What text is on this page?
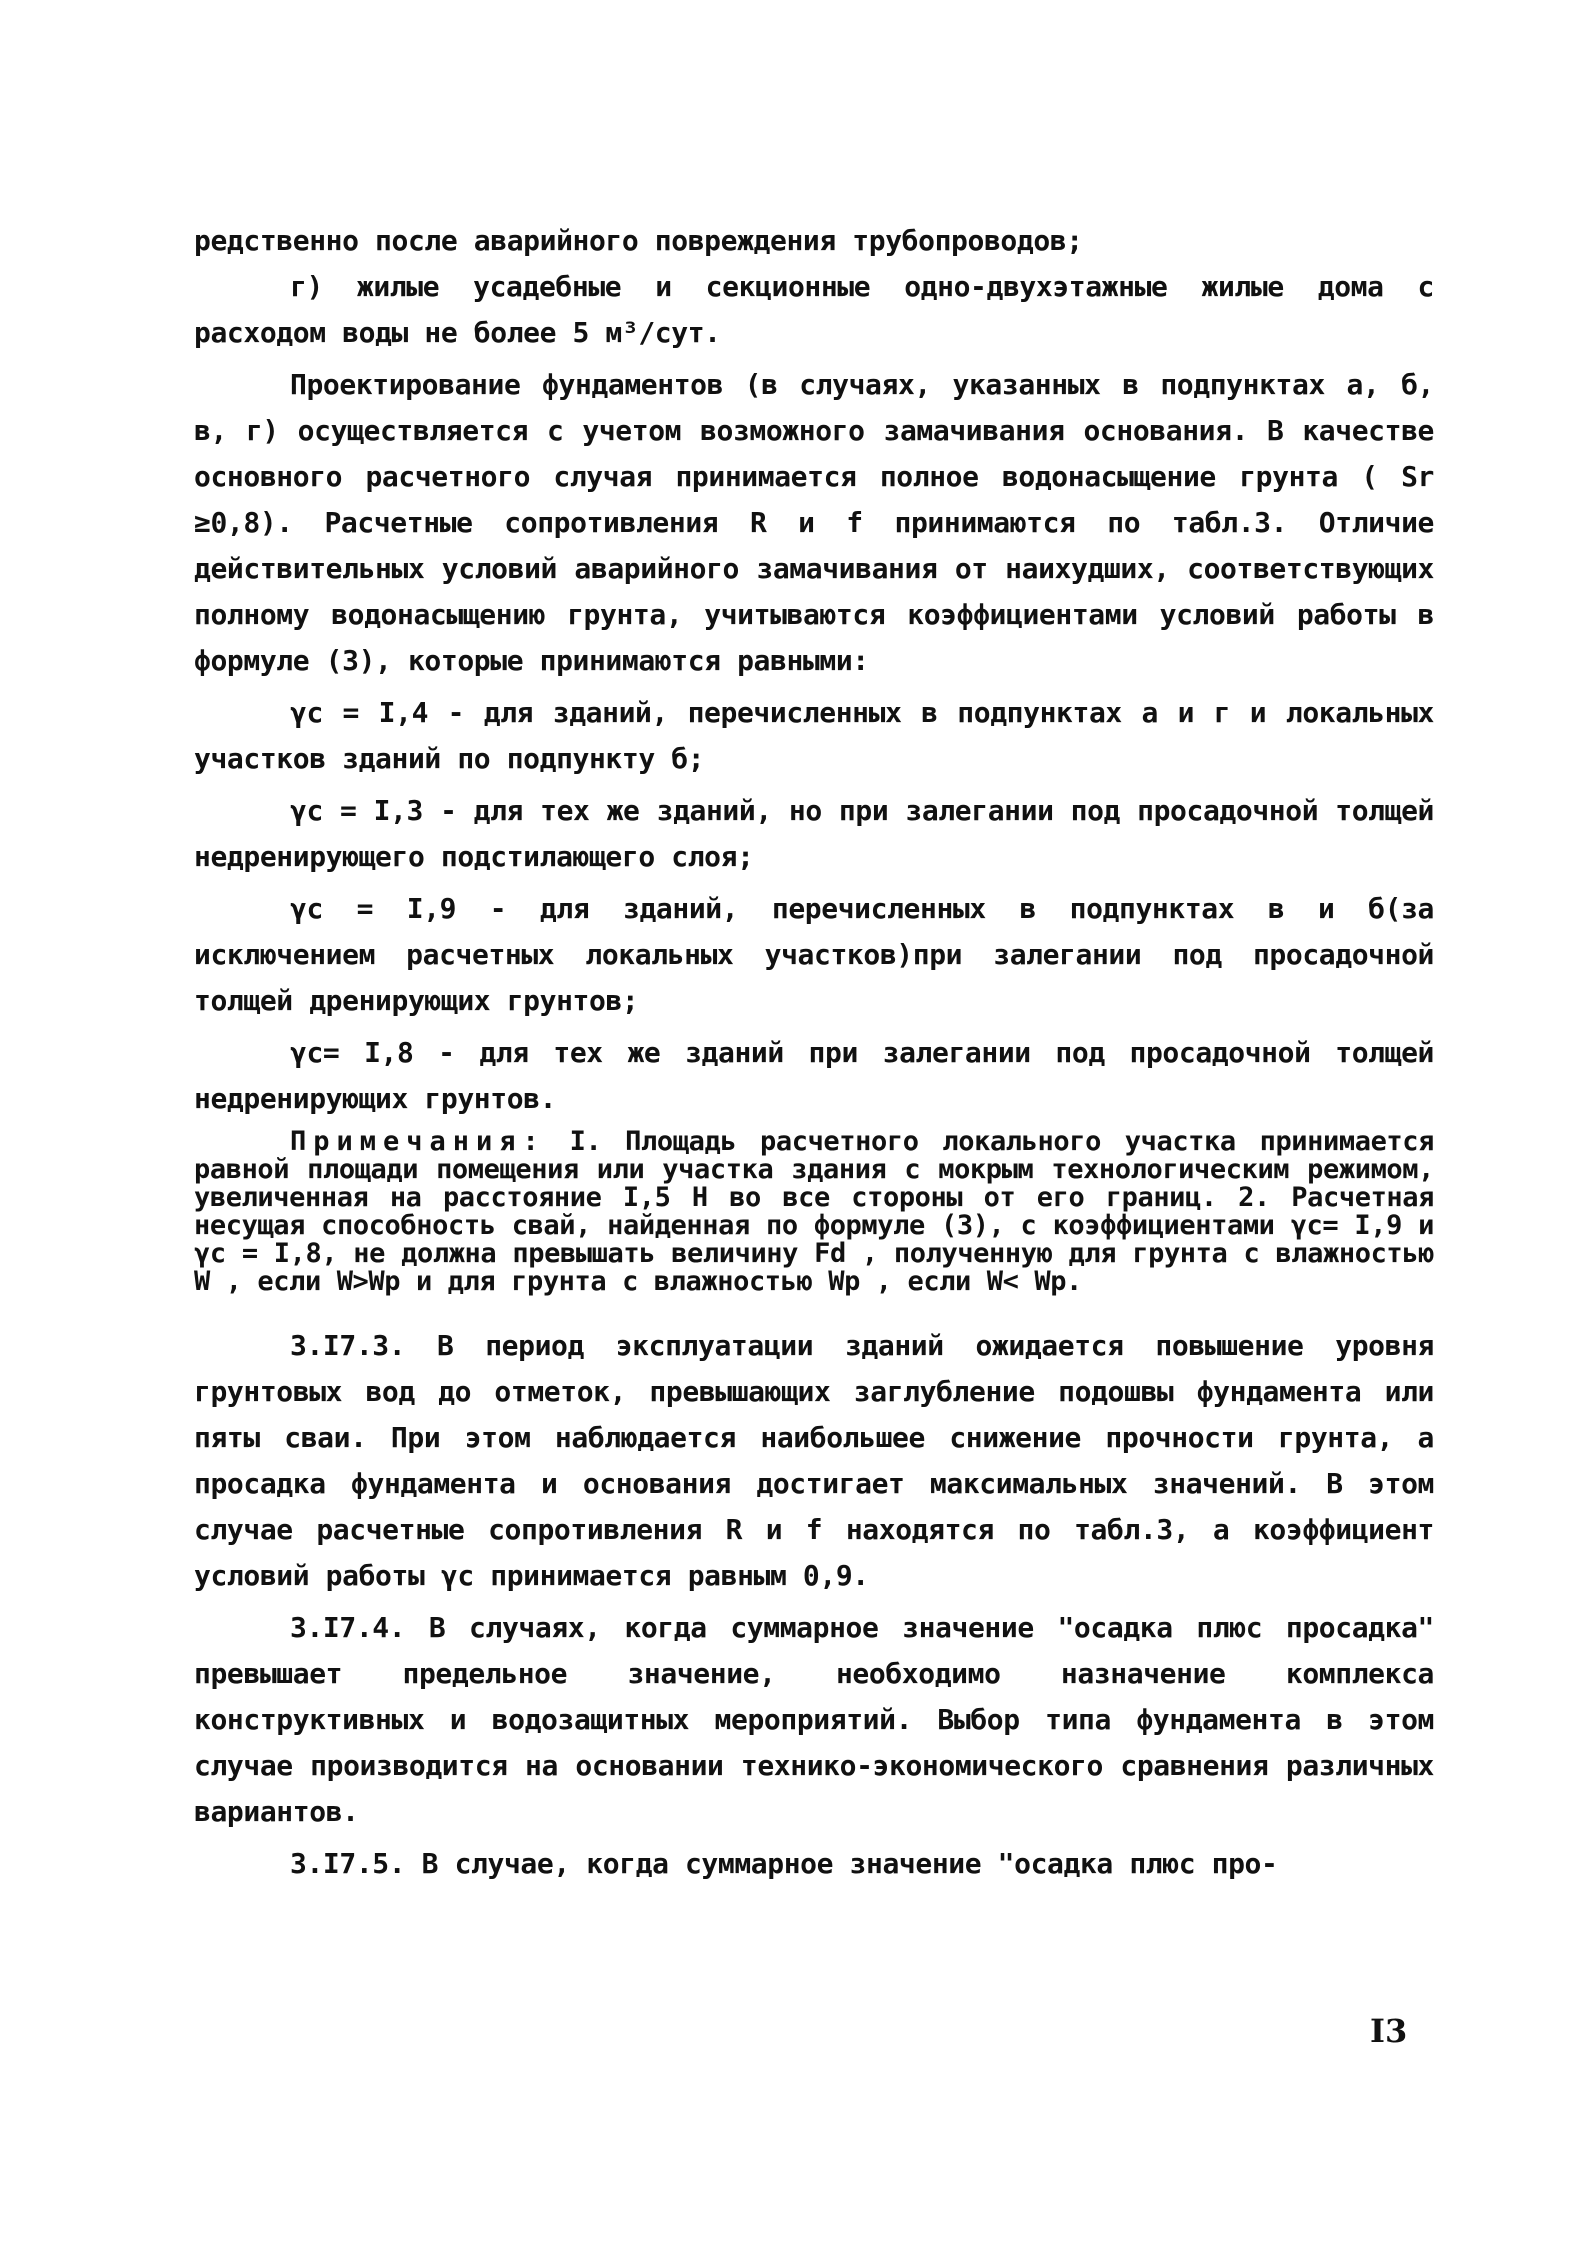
редственно после аварийного повреждения трубопроводов;

г) жилые усадебные и секционные одно-двухэтажные жилые дома с расходом воды не более 5 м³/сут.

Проектирование фундаментов (в случаях, указанных в подпунктах а, б, в, г) осуществляется с учетом возможного замачивания основания. В качестве основного расчетного случая принимается полное водонасыщение грунта ( Sr ≥0,8). Расчетные сопротивления R и f принимаются по табл.3. Отличие действительных условий аварийного замачивания от наихудших, соответствующих полному водонасыщению грунта, учитываются коэффициентами условий работы в формуле (3), которые принимаются равными:

γc = I,4 - для зданий, перечисленных в подпунктах а и г и локальных участков зданий по подпункту б;

γc = I,3 - для тех же зданий, но при залегании под просадочной толщей недренирующего подстилающего слоя;

γc = I,9 - для зданий, перечисленных в подпунктах в и б(за исключением расчетных локальных участков)при залегании под просадочной толщей дренирующих грунтов;

γc= I,8 - для тех же зданий при залегании под просадочной толщей недренирующих грунтов.

Примечания: I. Площадь расчетного локального участка принимается равной площади помещения или участка здания с мокрым технологическим режимом, увеличенная на расстояние I,5 H во все стороны от его границ. 2. Расчетная несущая способность свай, найденная по формуле (3), с коэффициентами γc= I,9 и γc = I,8, не должна превышать величину Fd , полученную для грунта с влажностью W , если W>Wp и для грунта с влажностью Wp , если W< Wp.

3.I7.3. В период эксплуатации зданий ожидается повышение уровня грунтовых вод до отметок, превышающих заглубление подошвы фундамента или пяты сваи. При этом наблюдается наибольшее снижение прочности грунта, а просадка фундамента и основания достигает максимальных значений. В этом случае расчетные сопротивления R и f находятся по табл.3, а коэффициент условий работы γc принимается равным 0,9.

3.I7.4. В случаях, когда суммарное значение "осадка плюс просадка" превышает предельное значение, необходимо назначение комплекса конструктивных и водозащитных мероприятий. Выбор типа фундамента в этом случае производится на основании технико-экономического сравнения различных вариантов.

3.I7.5. В случае, когда суммарное значение "осадка плюс про-

I3
